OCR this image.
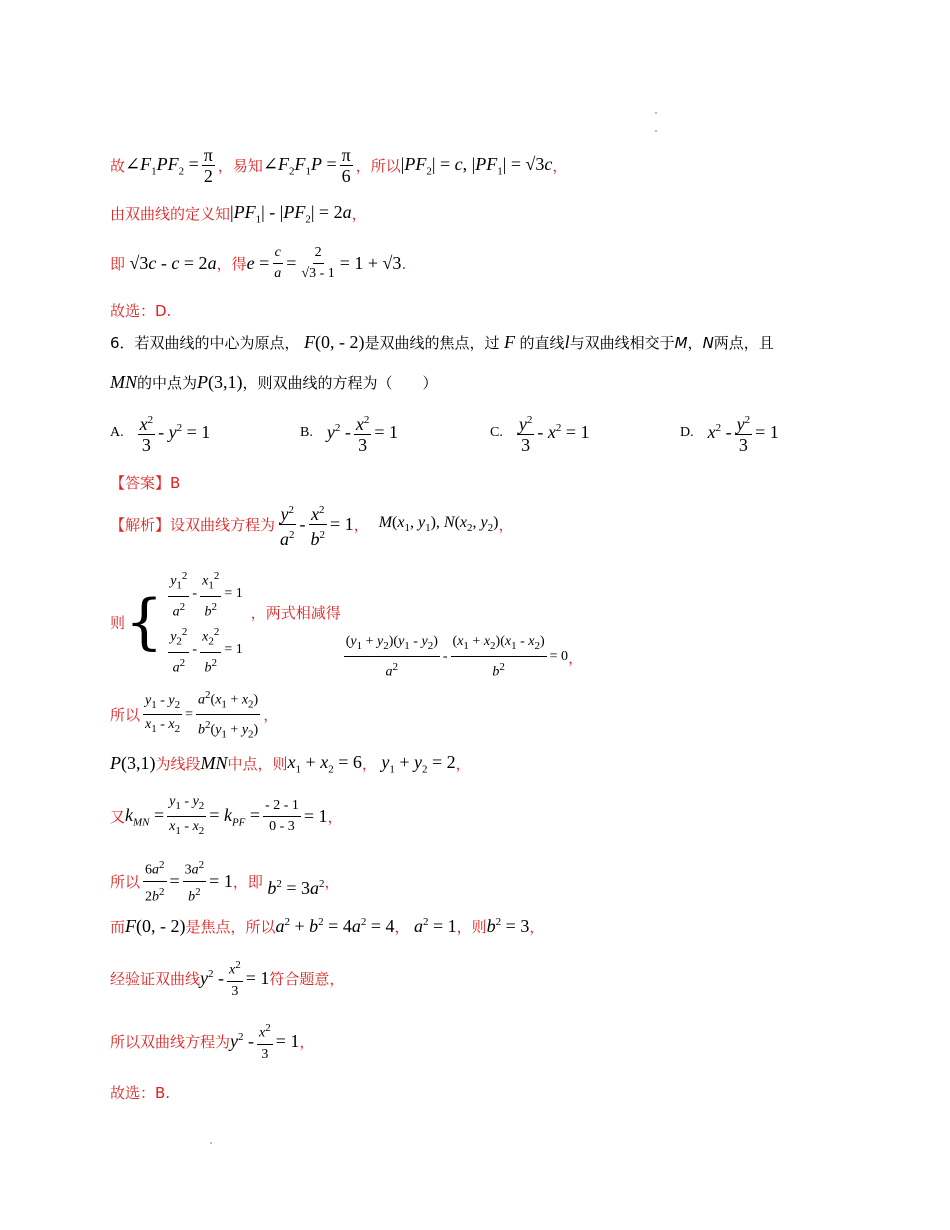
故 $\angle F_1PF_2 = \frac{\pi}{2}$ ，易知 $\angle F_2F_1P = \frac{\pi}{6}$ ，所以 $|PF_2| = c$, $|PF_1| = √3c$ ，
由双曲线的定义知 $|PF_1| - |PF_2| = 2a$ ，
即 √3c - c = 2a ，得 $e = \frac{c}{a} = \frac{2}{√3 - 1} = 1 + √3$ .
故选：D.
6．若双曲线的中心为原点， F(0, - 2) 是双曲线的焦点，过 F 的直线 l 与双曲线相交于 M ， N 两点，且
MN 的中点为 P(3,1) ，则双曲线的方程为（　　）
A. $\frac{x^2}{3} - y^2 = 1$	B. $y^2 - \frac{x^2}{3} = 1$	C. $\frac{y^2}{3} - x^2 = 1$	D. $x^2 - \frac{y^2}{3} = 1$
【答案】 B
【解析】 设双曲线方程为 $\frac{y^2}{a^2} - \frac{x^2}{b^2} = 1$ ， $M(x_1$, $y_1$), $N(x_2$, $y_2$) ，
则 { $\frac{y_1^2}{a^2} - \frac{x_1^2}{b^2} = 1$
$\frac{y_2^2}{a^2} - \frac{x_2^2}{b^2} = 1$
，两式相减得
$\frac{(y_1 + y_2)(y_1 - y_2)}{a^2} - \frac{(x_1 + x_2)(x_1 - x_2)}{b^2} = 0$ ，
所以 $\frac{y_1 - y_2}{x_1 - x_2} = \frac{a^2(x_1 + x_2)}{b^2(y_1 + y_2)}$ ，
P(3,1) 为线段 MN 中点，则 $x_1 + x_2 = 6$ ， $y_1 + y_2 = 2$ ，
又 $k_{MN} = \frac{y_1 - y_2}{x_1 - x_2} = k_{PF} = \frac{- 2 - 1}{0 - 3} = 1$ ，
所以 $\frac{6a^2}{2b^2} = \frac{3a^2}{b^2} = 1$ ，即 $b^2 = 3a^2$ ，
而 F(0, - 2) 是焦点，所以 $a^2 + b^2 = 4a^2 = 4$ ， $a^2 = 1$ ，则 $b^2 = 3$ ，
经验证双曲线 $y^2 - \frac{x^2}{3} = 1$ 符合题意，
所以双曲线方程为 $y^2 - \frac{x^2}{3} = 1$ ，
故选：B.
